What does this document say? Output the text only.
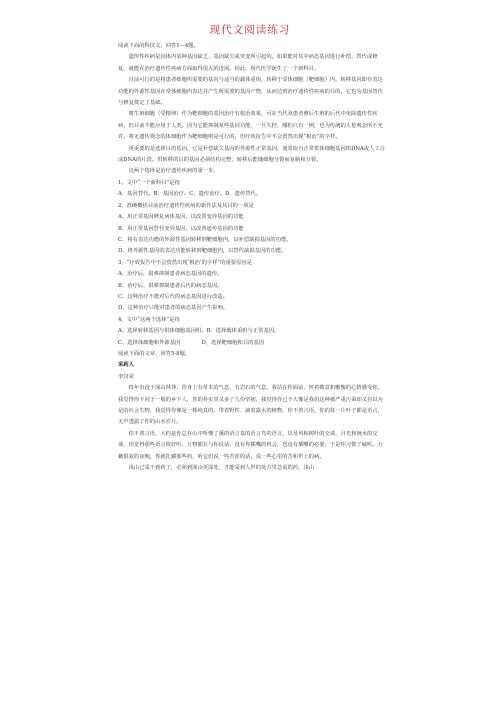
现代文阅读练习

阅读下面的科技文，回答1—4题。

遗传性疾病是因体内某种基因缺乏、基因缺欠或突变所引起的。如果能对其中病态基因进行补偿、替代或修复，就能在治疗遗传性疾病方面取得很大的进展。因此，现代医学诞生了一个新科目。

目前可行的是将患者细胞所需要的基因与适当的载体重组，转移于受体细胞（靶细胞）内，转移基因即有表达功能的外源性基因在受体细胞内表达并产生所需要的基因产物，从而达到治疗遗传性疾病的目的。它也为基因替代与修复奠定了基础。

将生殖细胞（受精卵）作为靶细胞的基因治疗有根治效果，可在当代及患者愈后生殖的后代中免除遗传性疾病，但目前不能应用于人类，因为它能抑制某些基因功能，一旦失控，哪怕只有一例，也为传统的人伦观念所不允许。将无遗传观念的体细胞作为靶细胞则是可行的，但疗效报告中不会贸然出现“根治”的字样。

更重要的是选择目的基因，它是补偿缺欠基因的外源性正常基因，通常取自正常供体细胞基因组DNA或人工合成DNA的片段。供转移的目的基因必须结构完整，转移后能随细胞分裂而复制和分裂。

这两个选择是治疗遗传疾病的第一步。

1、文中“一个新科目”是指

A、基因替代。B、基因治疗。C、遗传治疗。D、遗传替代。

2、准确概括目前治疗遗传性疾病的新作法及其目的一项是

A、用正常基因修复病体基因，以改善变异基因的功能

B、用正常基因替代变异基因，以改善遗传基因的功能

C、将有表达功能的外源性基因转移到靶细胞内，以补偿缺损基因的功能。

D、将外源性基因的表达功能转移到靶细胞内，以替代缺损基因的功能。

3、“疗效报告中不会贸然出现‘根治’的字样”的重要原因是

A、治疗后，很难抑制患者病态基因的遗传。

B、治疗后，很难抑制患者后代的病态基因。

C、这种治疗不能对后代的病态基因进行改造。

D、这种治疗只能对患者的病态基因产生影响。

4、文中“这两个选择”是指

A、选择转移基因与供体细胞基因组。B、选择载体重组与正常基因。

C、选择体细胞和外源基因　　　　D、选择靶细胞和目的基因

阅读下面的文章，回答5-8题。

采药人

李汉荣

终年出没于深山林莽，你身上有草木的气息，有岩石的气息。我站在你面前，怀着敬意和惭愧的心情感受你。我觉得你不同于一般的乡下人，你的朴实里又多了几份坚韧，我觉得你已不大像是我们这种被严重污染却又自以为是的社会生物，我觉得你像是一株纯真的、带着野性、滴着露水的植物，你不善言语，你的每一片叶子都是语言，无声透露了你的山水岁月。

你不善言语，大约是你总在山中听懂了溪的语言泉的语言鸟的语言，以及风和树叶的交谈，月光和涧水的交谈，你觉得那些语言很好听，万物都在与你说话，没有你插嘴的机会，也没有插嘴的必要，于是你习惯了缄听。万籁俱寂的夜晚，你就扎藏那些药，听它们说一些苦涩的话，说一些心里的苦和世上的病。

浅山已采不到药了，必须到深山更深处，才能采到人世的处方里急需的药，浅山
